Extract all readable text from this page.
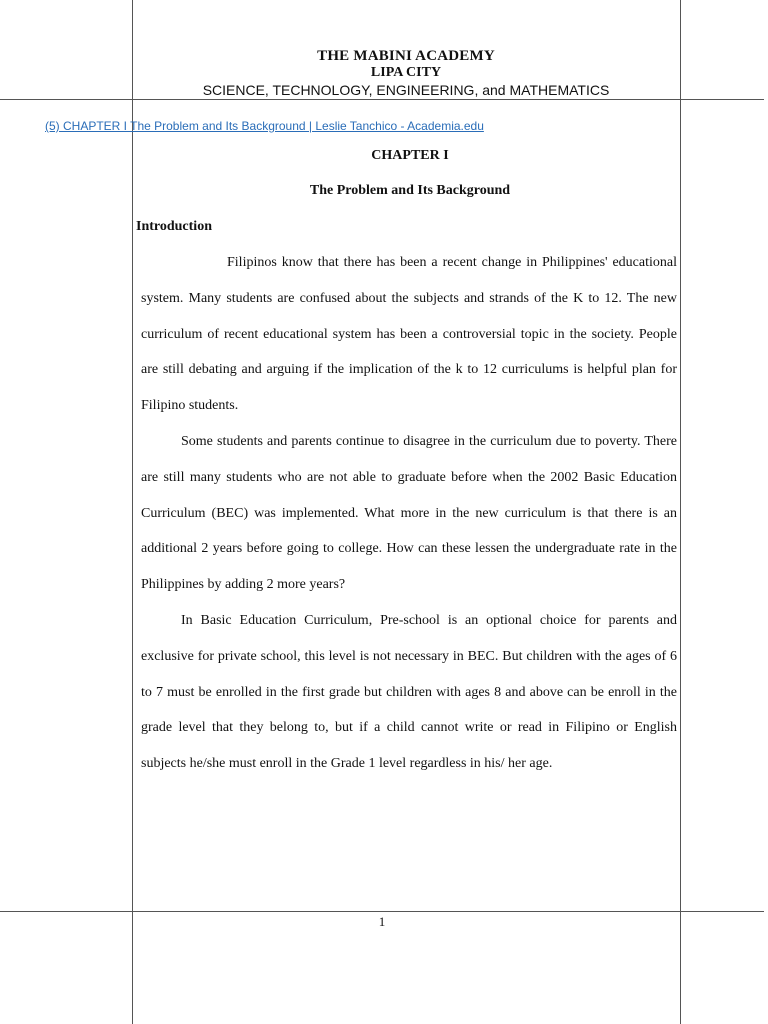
THE MABINI ACADEMY
LIPA CITY
SCIENCE, TECHNOLOGY, ENGINEERING, and MATHEMATICS
(5) CHAPTER I The Problem and Its Background | Leslie Tanchico - Academia.edu
CHAPTER I
The Problem and Its Background
Introduction

Filipinos know that there has been a recent change in Philippines' educational system. Many students are confused about the subjects and strands of the K to 12. The new curriculum of recent educational system has been a controversial topic in the society. People are still debating and arguing if the implication of the k to 12 curriculums is helpful plan for Filipino students.

Some students and parents continue to disagree in the curriculum due to poverty. There are still many students who are not able to graduate before when the 2002 Basic Education Curriculum (BEC) was implemented. What more in the new curriculum is that there is an additional 2 years before going to college. How can these lessen the undergraduate rate in the Philippines by adding 2 more years?

In Basic Education Curriculum, Pre-school is an optional choice for parents and exclusive for private school, this level is not necessary in BEC. But children with the ages of 6 to 7 must be enrolled in the first grade but children with ages 8 and above can be enroll in the grade level that they belong to, but if a child cannot write or read in Filipino or English subjects he/she must enroll in the Grade 1 level regardless in his/ her age.

1
